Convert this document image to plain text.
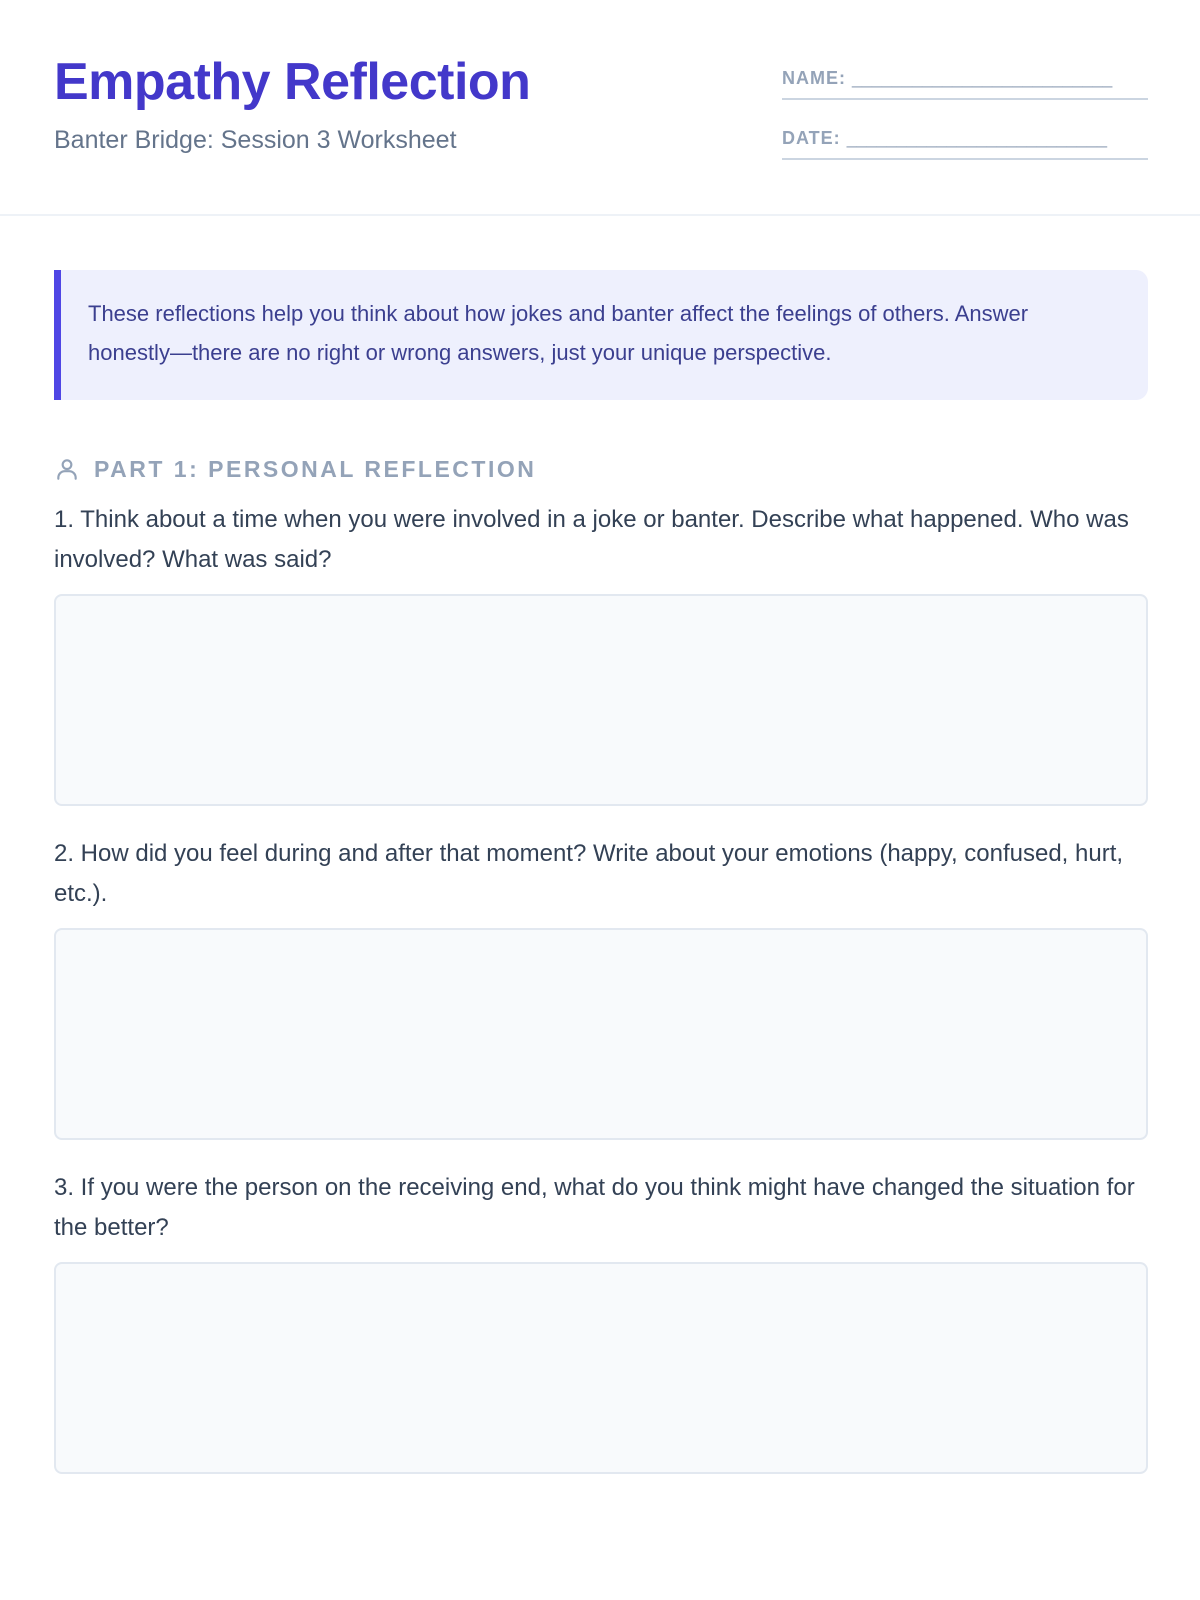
Empathy Reflection
Banter Bridge: Session 3 Worksheet
NAME: __________________________
DATE: __________________________

These reflections help you think about how jokes and banter affect the feelings of others. Answer honestly—there are no right or wrong answers, just your unique perspective.

PART 1: PERSONAL REFLECTION

1. Think about a time when you were involved in a joke or banter. Describe what happened. Who was involved? What was said?

2. How did you feel during and after that moment? Write about your emotions (happy, confused, hurt, etc.).

3. If you were the person on the receiving end, what do you think might have changed the situation for the better?
